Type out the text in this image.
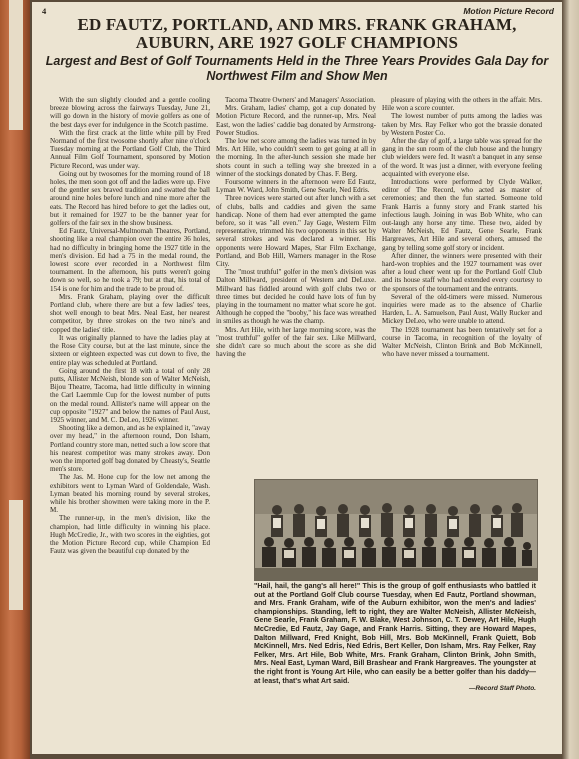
4	Motion Picture Record
ED FAUTZ, PORTLAND, AND MRS. FRANK GRAHAM, AUBURN, ARE 1927 GOLF CHAMPIONS
Largest and Best of Golf Tournaments Held in the Three Years Provides Gala Day for Northwest Film and Show Men

With the sun slightly clouded and a gentle cooling breeze blowing across the fairways Tuesday, June 21, will go down in the history of movie golfers as one of the best days ever for indulgence in the Scotch pastime.

With the first crack at the little white pill by Fred Normand of the first twosome shortly after nine o'clock Tuesday morning at the Portland Golf Club, the Third Annual Film Golf Tournament, sponsored by Motion Picture Record, was under way.

Going out by twosomes for the morning round of 18 holes, the men soon got off and the ladies were up. Five of the gentler sex braved tradition and swatted the ball around nine holes before lunch and nine more after the eats. The Record has hired before to get the ladies out, but it remained for 1927 to be the banner year for golfers of the fair sex in the show business.

Ed Fautz, Universal-Multnomah Theatres, Portland, shooting like a real champion over the entire 36 holes, had no difficulty in bringing home the 1927 title in the men's division. Ed had a 75 in the medal round, the lowest score ever recorded in a Northwest film tournament. In the afternoon, his putts weren't going down so well, so he took a 79; but at that, his total of 154 is one for him and the trade to be proud of.

Mrs. Frank Graham, playing over the difficult Portland club, where there are but a few ladies' tees, shot well enough to beat Mrs. Neal East, her nearest competitor, by three strokes on the two nine's and copped the ladies' title.

It was originally planned to have the ladies play at the Rose City course, but at the last minute, since the sixteen or eighteen expected was cut down to five, the entire play was scheduled at Portland.

Going around the first 18 with a total of only 28 putts, Allister McNeish, blonde son of Walter McNeish, Bijou Theatre, Tacoma, had little difficulty in winning the Carl Laemmle Cup for the lowest number of putts on the medal round. Allister's name will appear on the cup opposite "1927" and below the names of Paul Aust, 1925 winner, and M. C. DeLeo, 1926 winner.

Shooting like a demon, and as he explained it, "away over my head," in the afternoon round, Don Isham, Portland country store man, netted such a low score that his nearest competitor was many strokes away. Don won the imported golf bag donated by Cheasty's, Seattle men's store.

The Jas. M. Hone cup for the low net among the exhibitors went to Lyman Ward of Goldendale, Wash. Lyman beated his morning round by several strokes, while his brother showmen were taking more in the P. M.

The runner-up, in the men's division, like the champion, had little difficulty in winning his place. Hugh McCredie, Jr., with two scores in the eighties, got the Motion Picture Record cup, while Champion Ed Fautz was given the beautiful cup donated by the

Tacoma Theatre Owners' and Managers' Association.

Mrs. Graham, ladies' champ, got a cup donated by Motion Picture Record, and the runner-up, Mrs. Neal East, won the ladies' caddie bag donated by Armstrong-Power Studios.

The low net score among the ladies was turned in by Mrs. Art Hile, who couldn't seem to get going at all in the morning. In the after-lunch session she made her shots count in such a telling way she breezed in a winner of the stockings donated by Chas. F. Berg.

Foursome winners in the afternoon were Ed Fautz, Lyman W. Ward, John Smith, Gene Searle, Ned Edris.

Three novices were started out after lunch with a set of clubs, balls and caddies and given the same handicap. None of them had ever attempted the game before, so it was "all even." Jay Gage, Western Film representative, trimmed his two opponents in this set by several strokes and was declared a winner. His opponents were Howard Mapes, Star Film Exchange, Portland, and Bob Hill, Warners manager in the Rose City.

The "most truthful" golfer in the men's division was Dalton Millward, president of Western and DeLuxe. Millward has fiddled around with golf clubs two or three times but decided he could have lots of fun by playing in the tournament no matter what score he got. Although he copped the "booby," his face was wreathed in smiles as though he was the champ.

Mrs. Art Hile, with her large morning score, was the "most truthful" golfer of the fair sex. Like Millward, she didn't care so much about the score as she did having the

pleasure of playing with the others in the affair. Mrs. Hile won a score counter.

The lowest number of putts among the ladies was taken by Mrs. Ray Felker who got the brassie donated by Western Poster Co.

After the day of golf, a large table was spread for the gang in the sun room of the club house and the hungry club wielders were fed. It wasn't a banquet in any sense of the word. It was just a dinner, with everyone feeling acquainted with everyone else.

Introductions were performed by Clyde Walker, editor of The Record, who acted as master of ceremonies; and then the fun started. Someone told Frank Harris a funny story and Frank started his infectious laugh. Joining in was Bob White, who can out-laugh any horse any time. These two, aided by Walter McNeish, Ed Fautz, Gene Searle, Frank Hargreaves, Art Hile and several others, amused the gang by telling some golf story or incident.

After dinner, the winners were presented with their hard-won trophies and the 1927 tournament was over after a loud cheer went up for the Portland Golf Club and its house staff who had extended every courtesy to the sponsors of the tournament and the entrants.

Several of the old-timers were missed. Numerous inquiries were made as to the absence of Charlie Harden, L. A. Samuelson, Paul Aust, Wally Rucker and Mickey DeLeo, who were unable to attend.

The 1928 tournament has been tentatively set for a course in Tacoma, in recognition of the loyalty of Walter McNeish, Clinton Brink and Bob McKinnell, who have never missed a tournament.

"Hail, hail, the gang's all here!" This is the group of golf enthusiasts who battled it out at the Portland Golf Club course Tuesday, when Ed Fautz, Portland showman, and Mrs. Frank Graham, wife of the Auburn exhibitor, won the men's and ladies' championships. Standing, left to right, they are Walter McNeish, Allister McNeish, Gene Searle, Frank Graham, F. W. Blake, West Johnson, C. T. Dewey, Art Hile, Hugh McCredie, Ed Fautz, Jay Gage, and Frank Harris. Sitting, they are Howard Mapes, Dalton Millward, Fred Knight, Bob Hill, Mrs. Bob McKinnell, Frank Quiett, Bob McKinnell, Mrs. Ned Edris, Ned Edris, Bert Keller, Don Isham, Mrs. Ray Felker, Ray Felker, Mrs. Art Hile, Bob White, Mrs. Frank Graham, Clinton Brink, John Smith, Mrs. Neal East, Lyman Ward, Bill Brashear and Frank Hargreaves. The youngster at the right front is Young Art Hile, who can easily be a better golfer than his daddy—at least, that's what Art said.
—Record Staff Photo.
